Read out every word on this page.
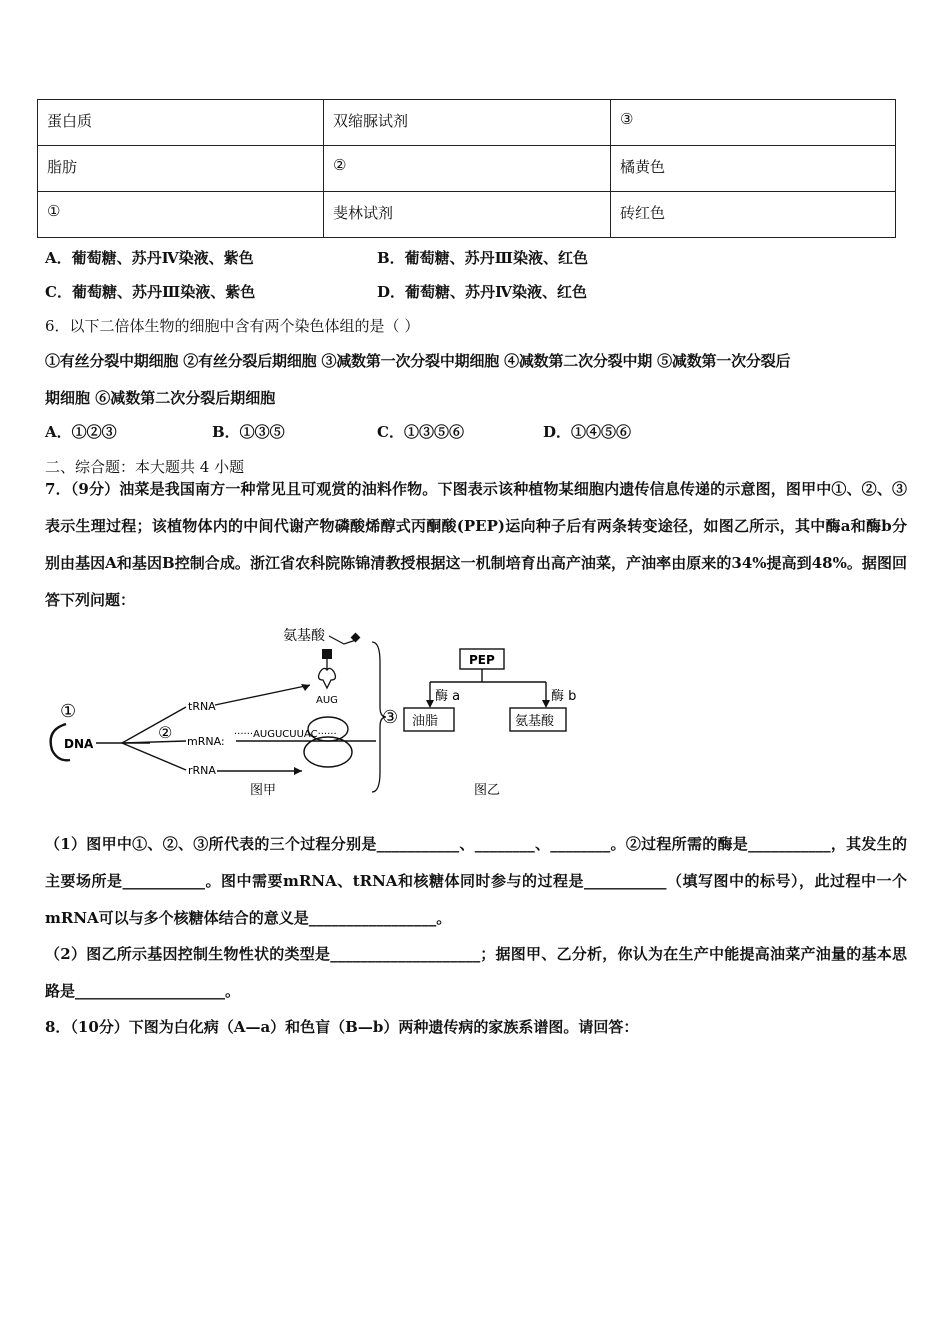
蛋白质	双缩脲试剂	③
脂肪	②	橘黄色
①	斐林试剂	砖红色
A．葡萄糖、苏丹Ⅳ染液、紫色	B．葡萄糖、苏丹Ⅲ染液、红色
C．葡萄糖、苏丹Ⅲ染液、紫色	D．葡萄糖、苏丹Ⅳ染液、红色
6．以下二倍体生物的细胞中含有两个染色体组的是（ ）
①有丝分裂中期细胞 ②有丝分裂后期细胞 ③减数第一次分裂中期细胞 ④减数第二次分裂中期 ⑤减数第一次分裂后
期细胞 ⑥减数第二次分裂后期细胞
A．①②③	B．①③⑤	C．①③⑤⑥	D．①④⑤⑥
二、综合题：本大题共 4 小题
7．（9分）油菜是我国南方一种常见且可观赏的油料作物。下图表示该种植物某细胞内遗传信息传递的示意图，图甲中①、②、③表示生理过程；该植物体内的中间代谢产物磷酸烯醇式丙酮酸(PEP)运向种子后有两条转变途径，如图乙所示，其中酶a和酶b分别由基因A和基因B控制合成。浙江省农科院陈锦清教授根据这一机制培育出高产油菜，产油率由原来的34%提高到48%。据图回答下列问题：
氨基酸
AUG
①
DNA
tRNA
mRNA:
rRNA
②	······AUGUCUUAC······
③
图甲
PEP
酶 a	酶 b
油脂	氨基酸
图乙
（1）图甲中①、②、③所代表的三个过程分别是___________、________、________。②过程所需的酶是___________，其发生的主要场所是___________。图中需要mRNA、tRNA和核糖体同时参与的过程是___________（填写图中的标号），此过程中一个mRNA可以与多个核糖体结合的意义是_________________。
（2）图乙所示基因控制生物性状的类型是____________________；据图甲、乙分析，你认为在生产中能提高油菜产油量的基本思路是____________________。
8．（10分）下图为白化病（A—a）和色盲（B—b）两种遗传病的家族系谱图。请回答：
